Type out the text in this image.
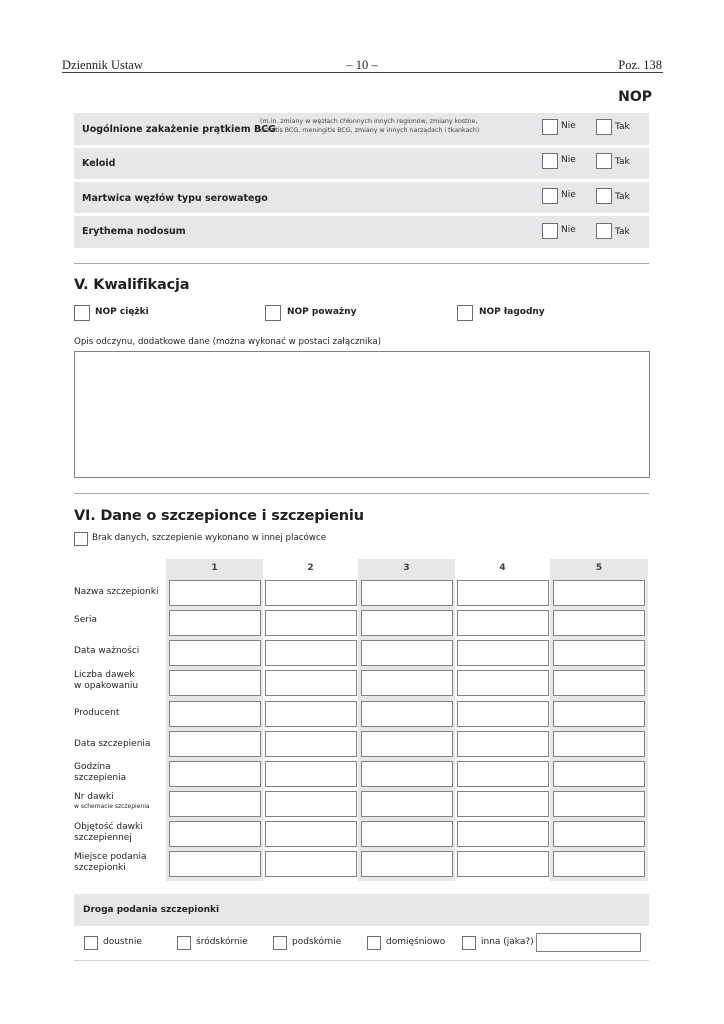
Dziennik Ustaw	– 10 –	Poz. 138
NOP
Uogólnione zakażenie prątkiem BCG
(m.in. zmiany w węzłach chłonnych innych regionów, zmiany kostne,
osteitis BCG, meningitis BCG, zmiany w innych narządach i tkankach)	Nie	Tak
Keloid	Nie	Tak
Martwica węzłów typu serowatego	Nie	Tak
Erythema nodosum	Nie	Tak
V. Kwalifikacja
NOP ciężki	NOP poważny	NOP łagodny
Opis odczynu, dodatkowe dane (można wykonać w postaci załącznika)
VI. Dane o szczepionce i szczepieniu
Brak danych, szczepienie wykonano w innej placówce
1	2	3	4	5
Nazwa szczepionki
Seria
Data ważności
Liczba dawek
w opakowaniu
Producent
Data szczepienia
Godzina
szczepienia
Nr dawki
w schemacie szczepienia
Objętość dawki
szczepiennej
Miejsce podania
szczepionki
Droga podania szczepionki
doustnie	śródskórnie	podskórnie	domięśniowo	inna (jaka?)
